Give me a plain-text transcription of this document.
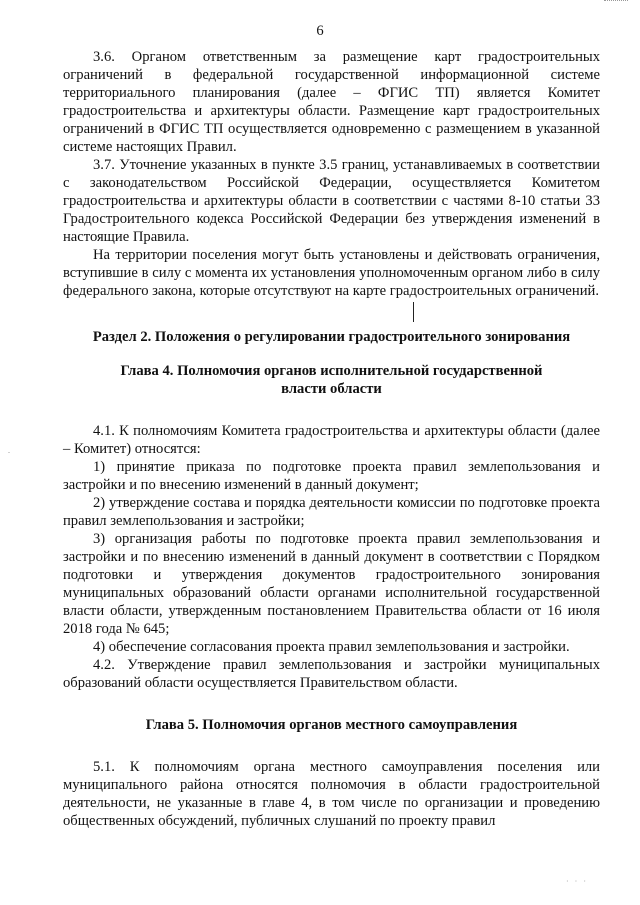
6

3.6. Органом ответственным за размещение карт градостроительных ограничений в федеральной государственной информационной системе территориального планирования (далее – ФГИС ТП) является Комитет градостроительства и архитектуры области. Размещение карт градостроительных ограничений в ФГИС ТП осуществляется одновременно с размещением в указанной системе настоящих Правил.

3.7. Уточнение указанных в пункте 3.5 границ, устанавливаемых в соответствии с законодательством Российской Федерации, осуществляется Комитетом градостроительства и архитектуры области в соответствии с частями 8-10 статьи 33 Градостроительного кодекса Российской Федерации без утверждения изменений в настоящие Правила.

На территории поселения могут быть установлены и действовать ограничения, вступившие в силу с момента их установления уполномоченным органом либо в силу федерального закона, которые отсутствуют на карте градостроительных ограничений.

Раздел 2. Положения о регулировании градостроительного зонирования
Глава 4. Полномочия органов исполнительной государственной власти области

4.1. К полномочиям Комитета градостроительства и архитектуры области (далее – Комитет) относятся:

1) принятие приказа по подготовке проекта правил землепользования и застройки и по внесению изменений в данный документ;

2) утверждение состава и порядка деятельности комиссии по подготовке проекта правил землепользования и застройки;

3) организация работы по подготовке проекта правил землепользования и застройки и по внесению изменений в данный документ в соответствии с Порядком подготовки и утверждения документов градостроительного зонирования муниципальных образований области органами исполнительной государственной власти области, утвержденным постановлением Правительства области от 16 июля 2018 года № 645;

4) обеспечение согласования проекта правил землепользования и застройки.

4.2. Утверждение правил землепользования и застройки муниципальных образований области осуществляется Правительством области.

Глава 5. Полномочия органов местного самоуправления

5.1. К полномочиям органа местного самоуправления поселения или муниципального района относятся полномочия в области градостроительной деятельности, не указанные в главе 4, в том числе по организации и проведению общественных обсуждений, публичных слушаний по проекту правил

.
· · ·
